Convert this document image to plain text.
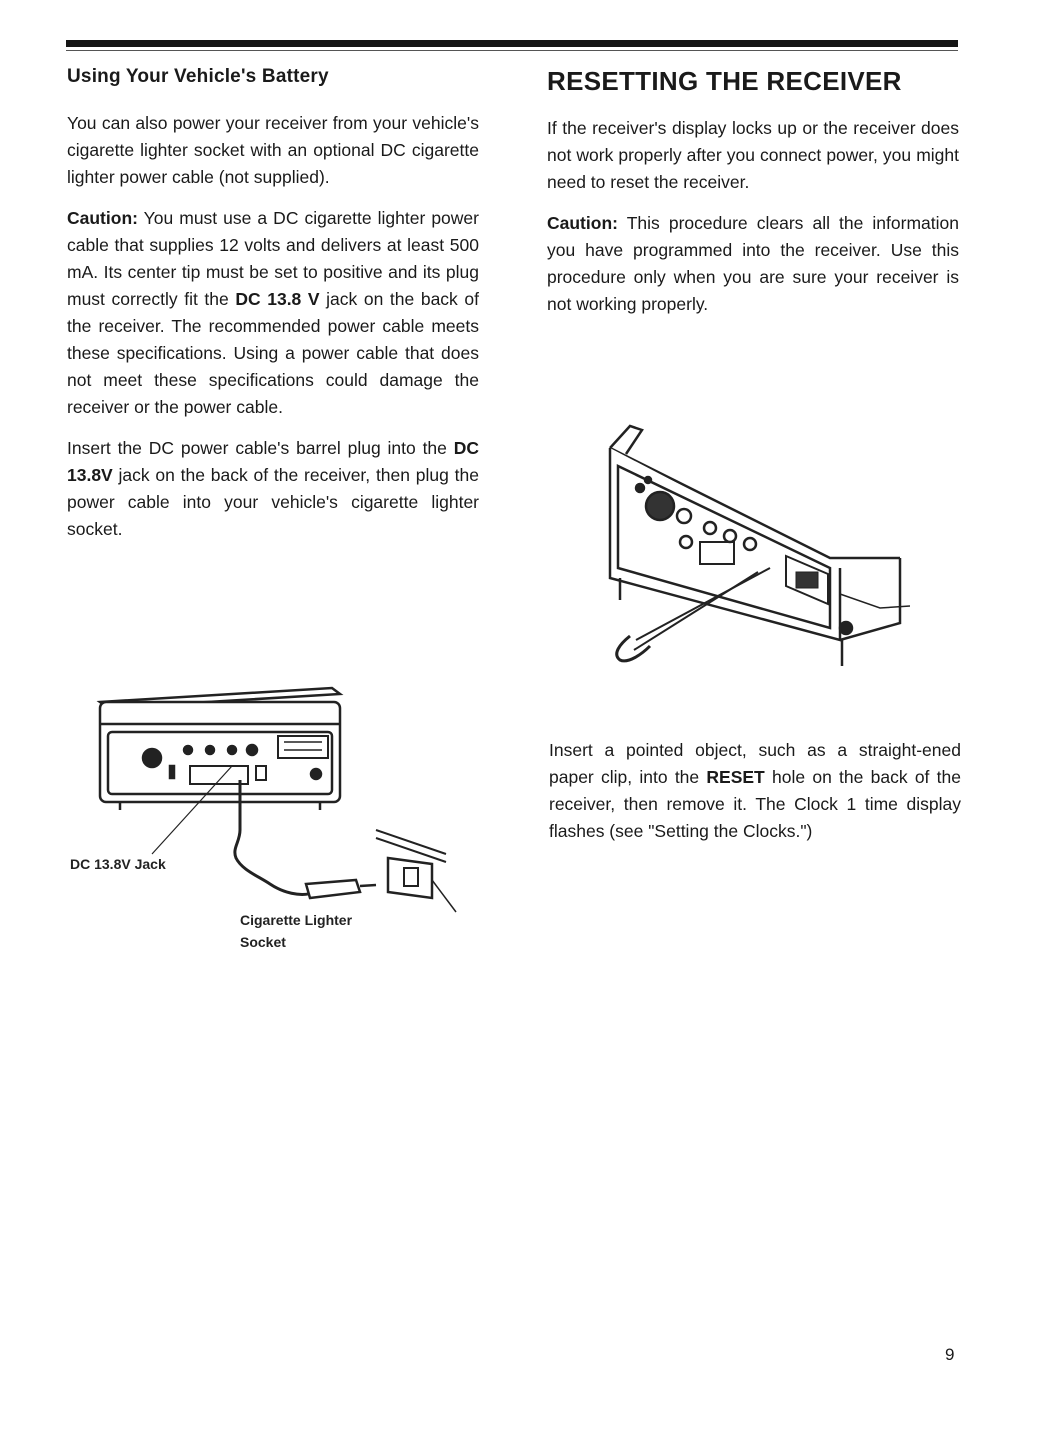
Using Your Vehicle's Battery

You can also power your receiver from your vehicle's cigarette lighter socket with an optional DC cigarette lighter power cable (not supplied).

Caution: You must use a DC cigarette lighter power cable that supplies 12 volts and delivers at least 500 mA. Its center tip must be set to positive and its plug must correctly fit the DC 13.8 V jack on the back of the receiver. The recommended power cable meets these specifications. Using a power cable that does not meet these specifications could damage the receiver or the power cable.

Insert the DC power cable's barrel plug into the DC 13.8V jack on the back of the receiver, then plug the power cable into your vehicle's cigarette lighter socket.

DC 13.8V Jack
Cigarette Lighter
Socket
RESETTING THE RECEIVER

If the receiver's display locks up or the receiver does not work properly after you connect power, you might need to reset the receiver.

Caution: This procedure clears all the information you have programmed into the receiver. Use this procedure only when you are sure your receiver is not working properly.

Insert a pointed object, such as a straight-ened paper clip, into the RESET hole on the back of the receiver, then remove it. The Clock 1 time display flashes (see "Setting the Clocks.")
9
